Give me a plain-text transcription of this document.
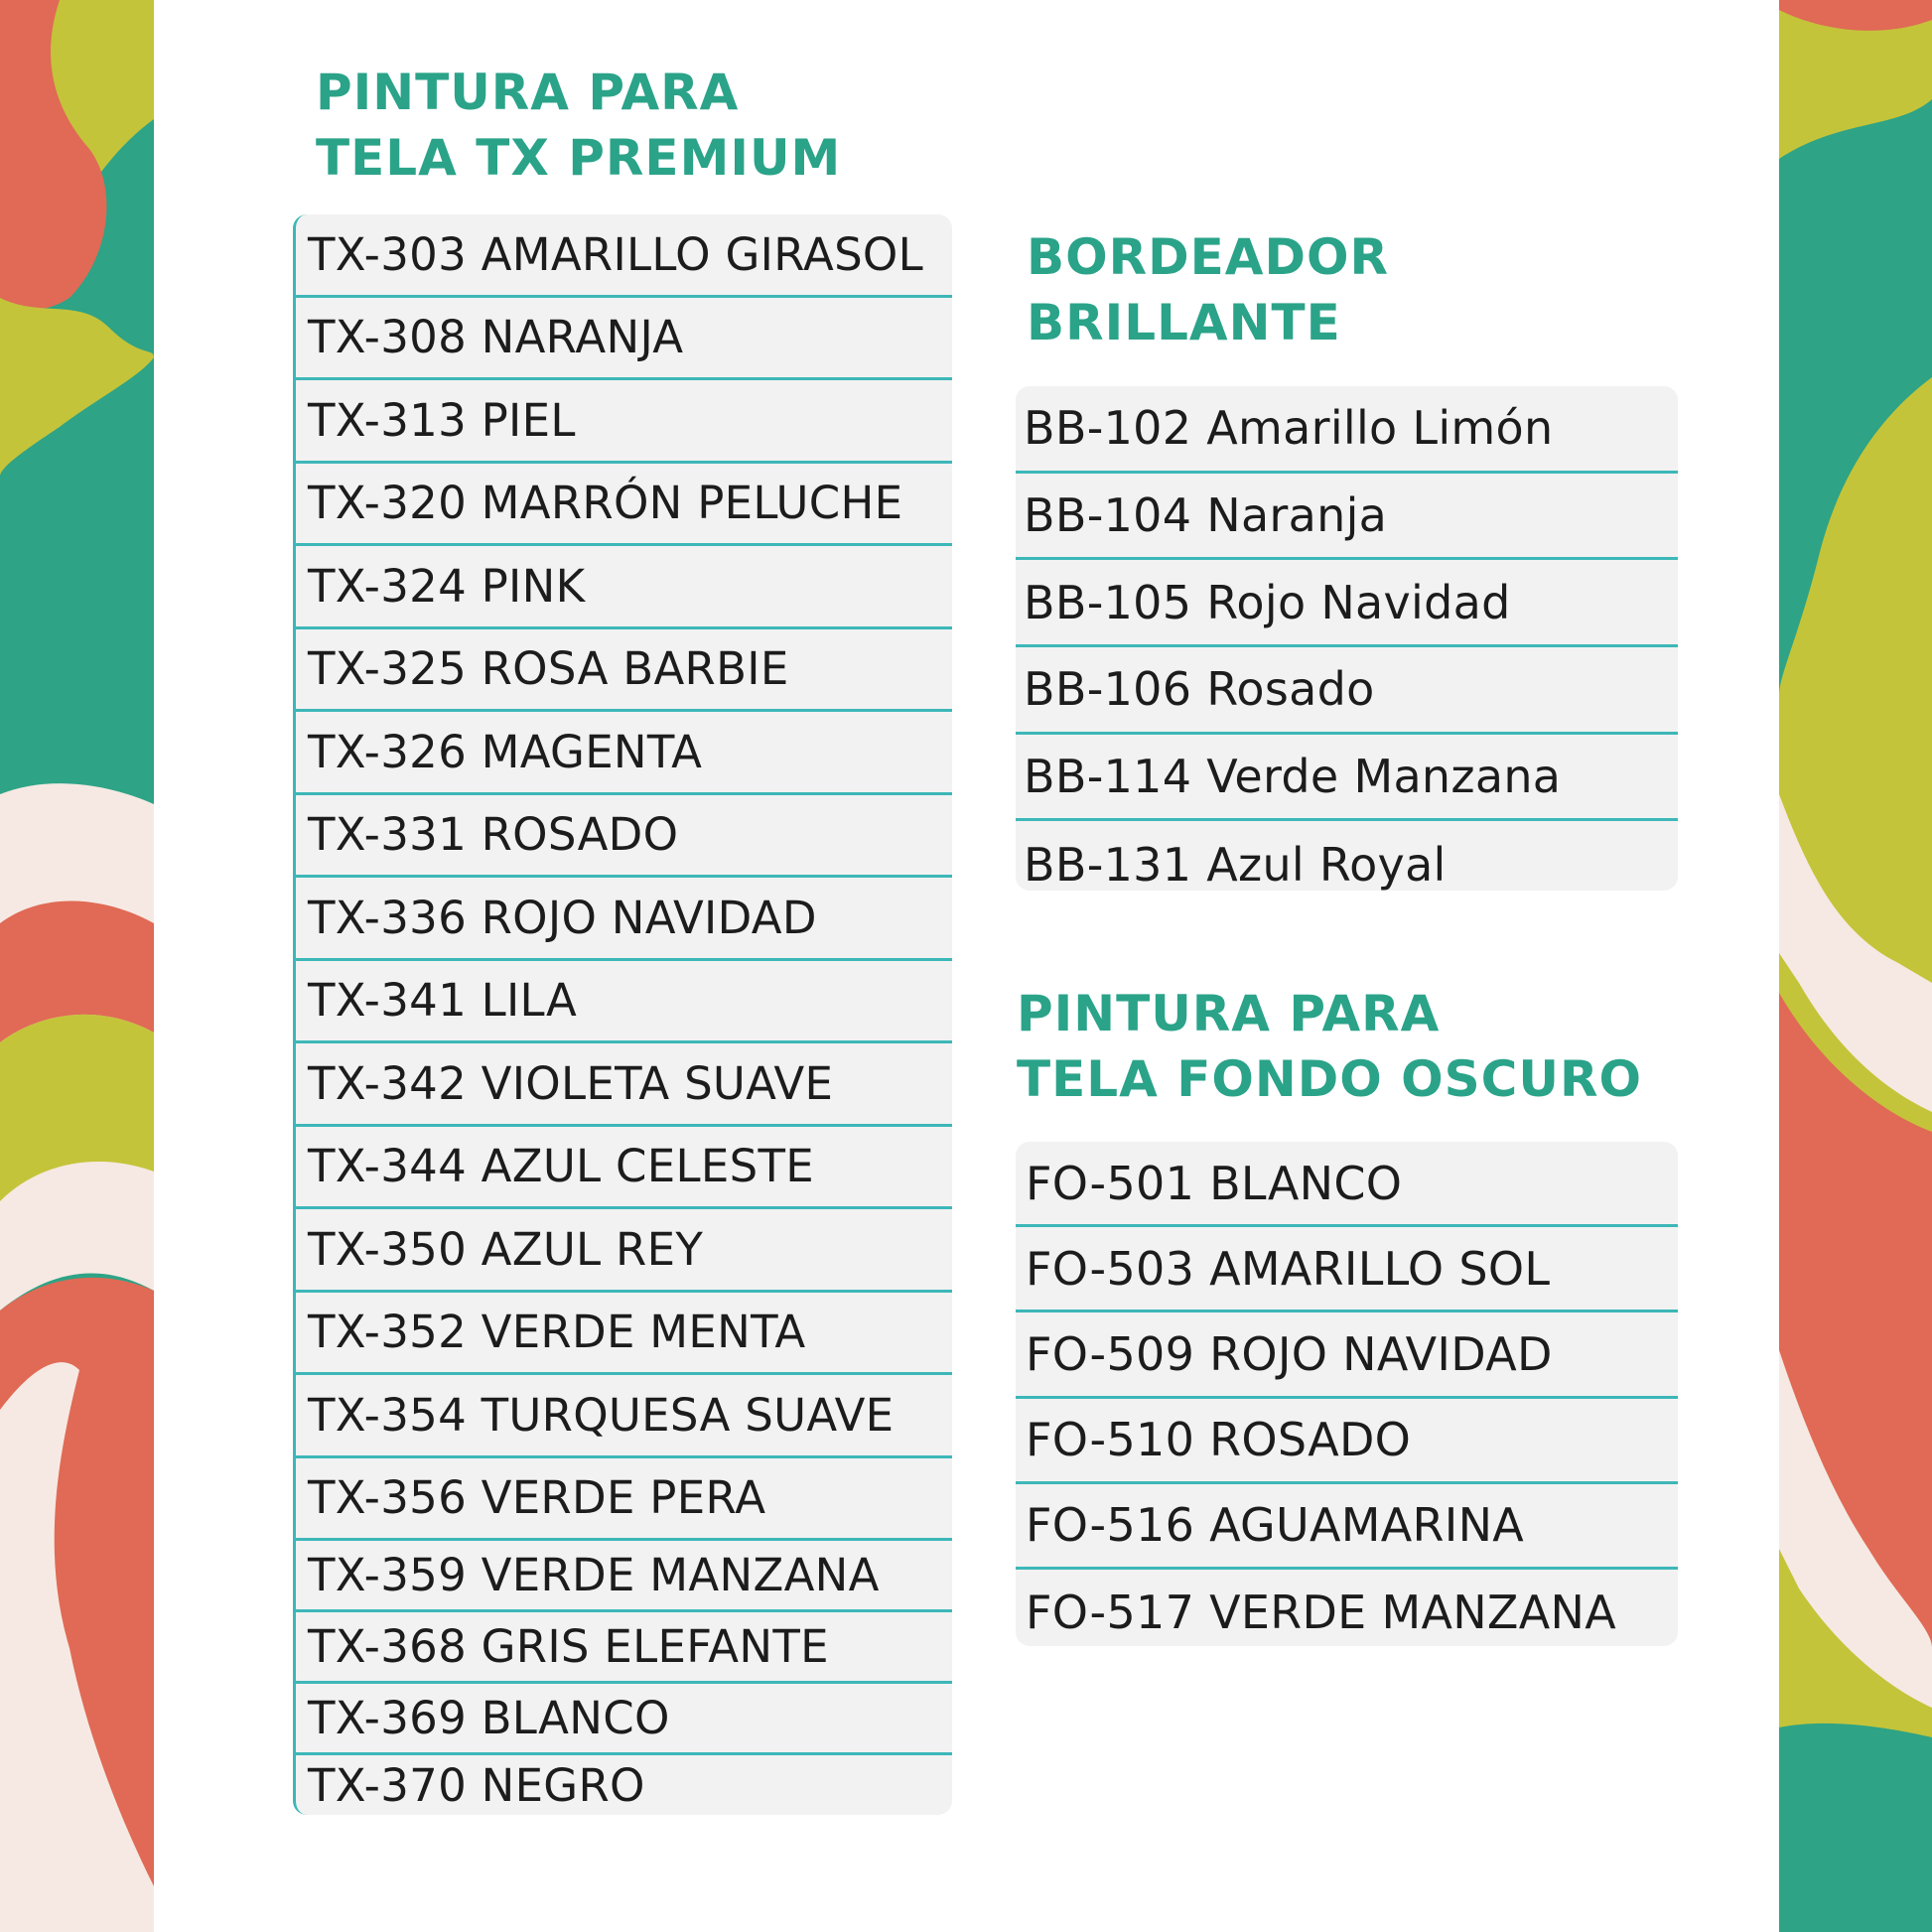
PINTURA PARA
TELA TX PREMIUM
TX-303 AMARILLO GIRASOL
TX-308 NARANJA
TX-313 PIEL
TX-320 MARRÓN PELUCHE
TX-324 PINK
TX-325 ROSA BARBIE
TX-326 MAGENTA
TX-331 ROSADO
TX-336 ROJO NAVIDAD
TX-341 LILA
TX-342 VIOLETA SUAVE
TX-344 AZUL CELESTE
TX-350 AZUL REY
TX-352 VERDE MENTA
TX-354 TURQUESA SUAVE
TX-356 VERDE PERA
TX-359 VERDE MANZANA
TX-368 GRIS ELEFANTE
TX-369 BLANCO
TX-370 NEGRO
BORDEADOR
BRILLANTE
BB-102 Amarillo Limón
BB-104 Naranja
BB-105 Rojo Navidad
BB-106 Rosado
BB-114 Verde Manzana
BB-131 Azul Royal
PINTURA PARA
TELA FONDO OSCURO
FO-501 BLANCO
FO-503 AMARILLO SOL
FO-509 ROJO NAVIDAD
FO-510 ROSADO
FO-516 AGUAMARINA
FO-517 VERDE MANZANA
